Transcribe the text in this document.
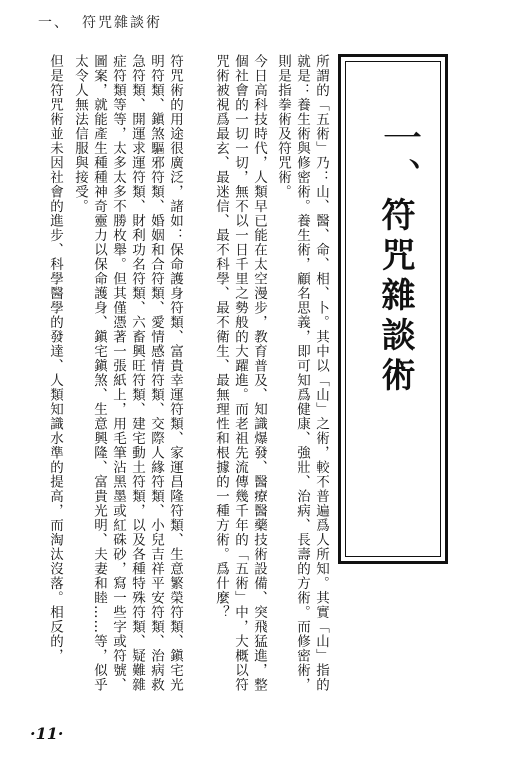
一、 符咒雜談術
一、
符咒雜談術
所謂的「五術」乃：山、醫、命、相、卜。其中以「山」之術，較不普遍爲人所知。其實「山」指的就是：養生術與修密術。養生術，顧名思義，即可知爲健康、強壯、治病、長壽的方術。而修密術，則是指拳術及符咒術。
今日高科技時代，人類早已能在太空漫步，教育普及、知識爆發、醫療醫藥技術設備、突飛猛進，整個社會的一切一切，無不以一日千里之勢般的大躍進。而老祖先流傳幾千年的「五術」中，大概以符咒術被視爲最玄、最迷信、最不科學、最不衛生、最無理性和根據的一種方術。爲什麼？
符咒術的用途很廣泛，諸如：保命護身符類、富貴幸運符類、家運昌隆符類、生意繁榮符類、鎭宅光明符類、鎭煞驅邪符類、婚姻和合符類、愛情感情符類、交際人緣符類、小兒吉祥平安符類、治病救急符類、開運求運符類、財利功名符類、六畜興旺符類、建宅動土符類，以及各種特殊符類、疑難雜症符類等等，太多太多不勝枚舉。但其僅憑著一張紙上，用毛筆沾黑墨或紅硃砂，寫一些字或符號、圖案，就能產生種種神奇靈力以保命護身、鎭宅鎭煞、生意興隆、富貴光明、夫妻和睦……等，似乎太令人無法信服與接受。
但是符咒術並未因社會的進步、科學醫學的發達、人類知識水準的提高，而淘汰沒落。相反的，
·11·
